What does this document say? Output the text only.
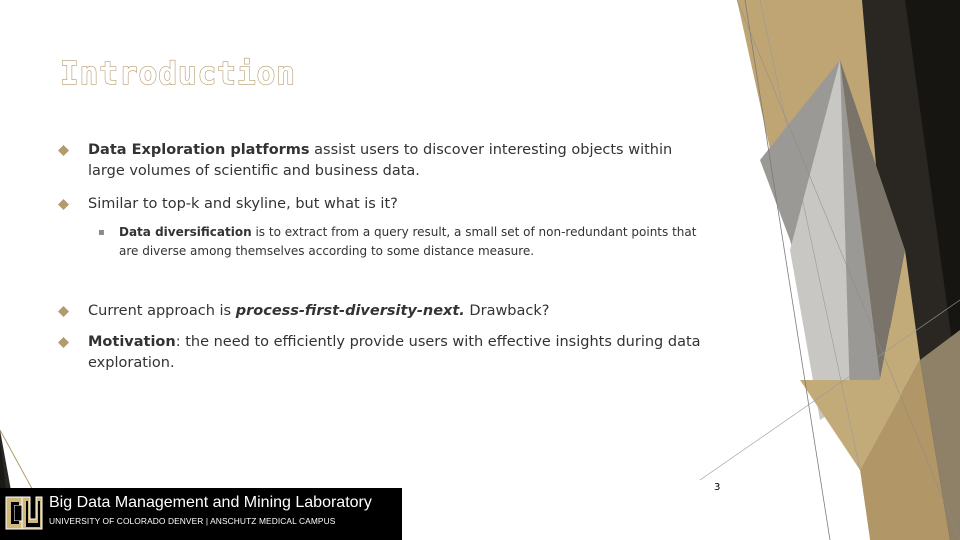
Introduction
Data Exploration platforms assist users to discover interesting objects within large volumes of scientific and business data.
Similar to top-k and skyline, but what is it?
▪ Data diversification is to extract from a query result, a small set of non-redundant points that are diverse among themselves according to some distance measure.
Current approach is process-first-diversity-next. Drawback?
Motivation: the need to efficiently provide users with effective insights during data exploration.
3
Big Data Management and Mining Laboratory
UNIVERSITY OF COLORADO DENVER | ANSCHUTZ MEDICAL CAMPUS
